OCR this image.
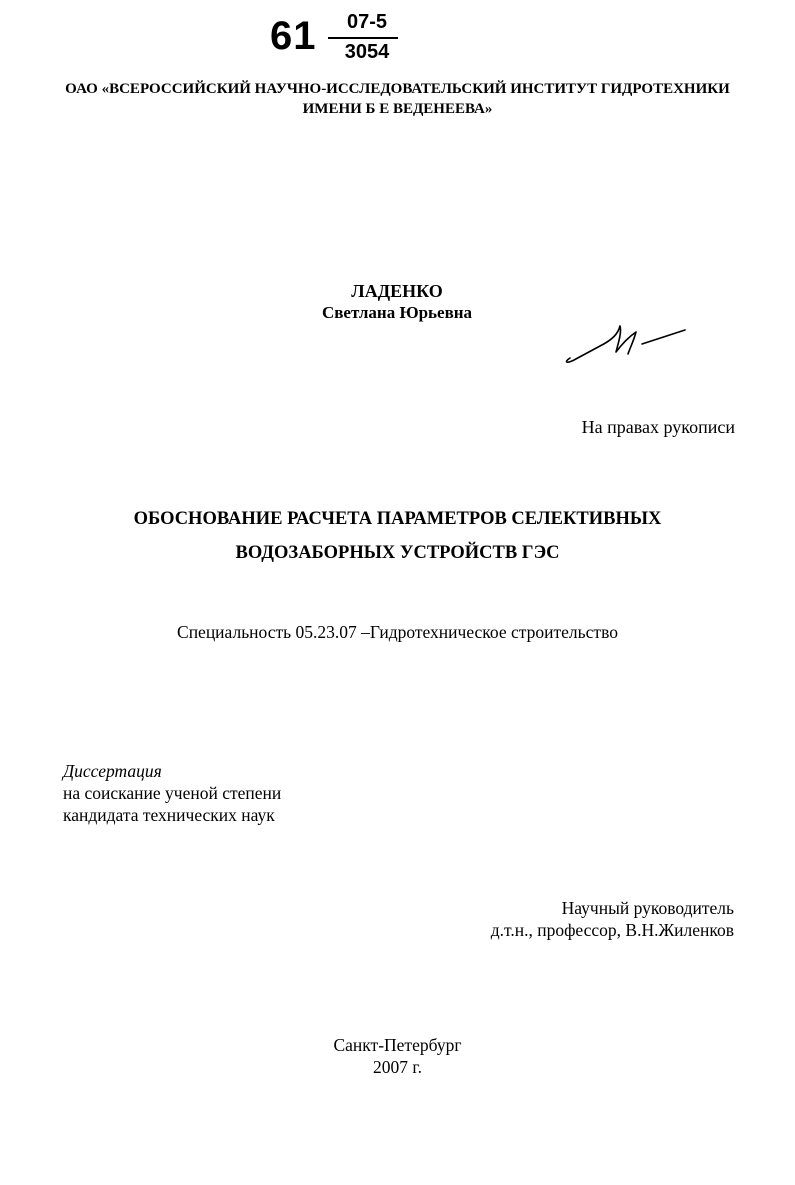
61	07-5
3054
ОАО «ВСЕРОССИЙСКИЙ НАУЧНО-ИССЛЕДОВАТЕЛЬСКИЙ ИНСТИТУТ ГИДРОТЕХНИКИ
ИМЕНИ Б Е ВЕДЕНЕЕВА»
ЛАДЕНКО
Светлана Юрьевна
На правах рукописи
ОБОСНОВАНИЕ РАСЧЕТА ПАРАМЕТРОВ СЕЛЕКТИВНЫХ
ВОДОЗАБОРНЫХ УСТРОЙСТВ ГЭС
Специальность 05.23.07 –Гидротехническое строительство
Диссертация
на соискание ученой степени
кандидата технических наук
Научный руководитель
д.т.н., профессор, В.Н.Жиленков
Санкт-Петербург
2007 г.
